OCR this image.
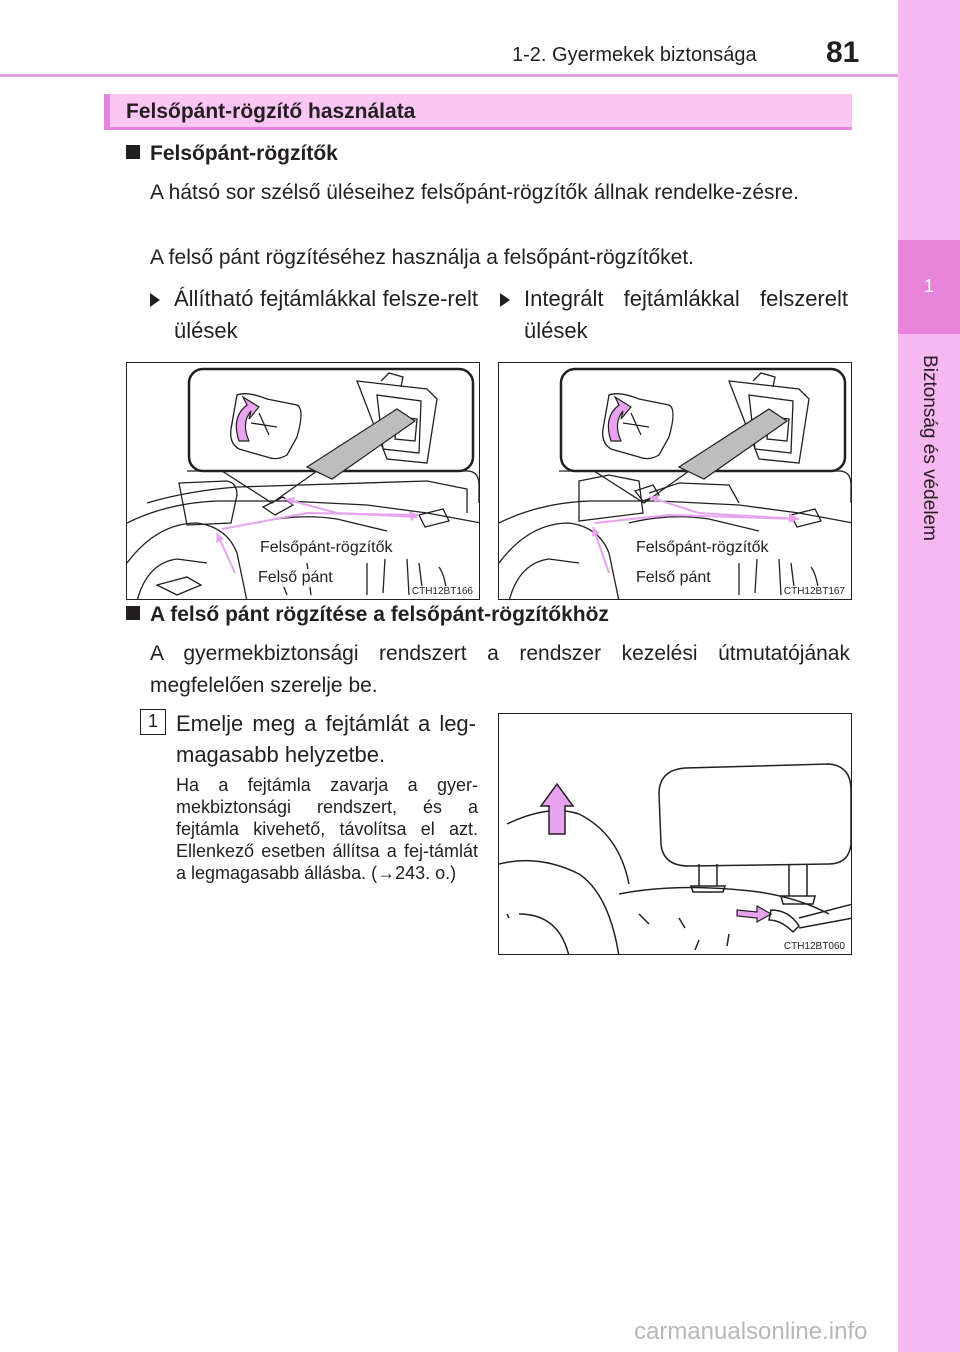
1-2. Gyermekek biztonsága 81
1
Biztonság és védelem
Felsőpánt-rögzítő használata
Felsőpánt-rögzítők
A hátsó sor szélső üléseihez felsőpánt-rögzítők állnak rendelke-zésre.
A felső pánt rögzítéséhez használja a felsőpánt-rögzítőket.
Állítható fejtámlákkal felsze-relt ülések
Integrált fejtámlákkal felszerelt ülések
Felsőpánt-rögzítők
Felső pánt
CTH12BT166
Felsőpánt-rögzítők
Felső pánt
CTH12BT167
A felső pánt rögzítése a felsőpánt-rögzítőkhöz
A gyermekbiztonsági rendszert a rendszer kezelési útmutatójának megfelelően szerelje be.
1 Emelje meg a fejtámlát a leg-magasabb helyzetbe.
Ha a fejtámla zavarja a gyer-mekbiztonsági rendszert, és a fejtámla kivehető, távolítsa el azt. Ellenkező esetben állítsa a fej-támlát a legmagasabb állásba. (→243. o.)
CTH12BT060
carmanualsonline.info
